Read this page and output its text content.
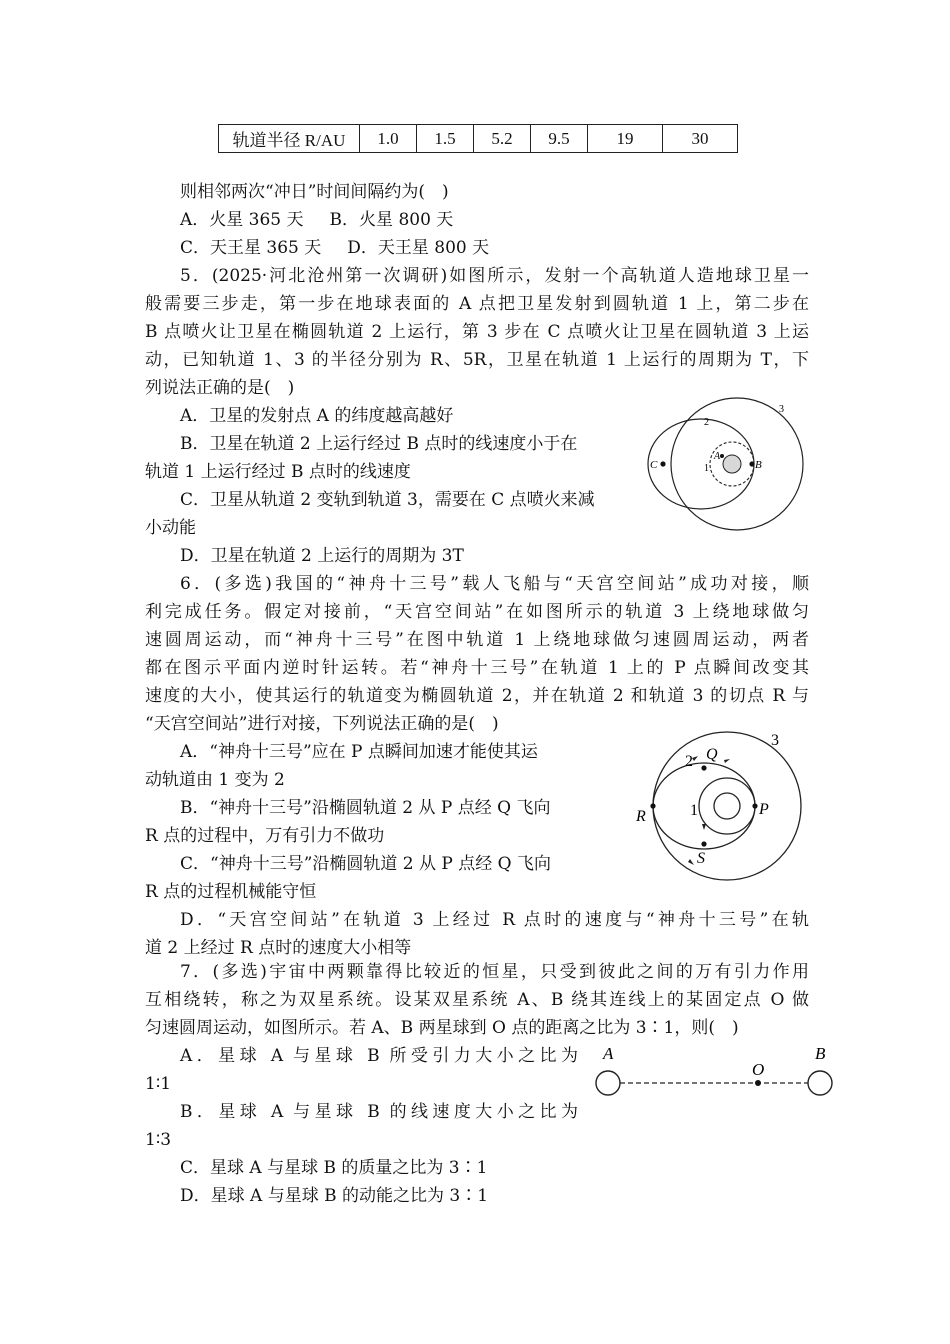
轨道半径 R/AU	1.0	1.5	5.2	9.5	19	30
则相邻两次“冲日”时间间隔约为(　)
A．火星 365 天 B．火星 800 天
C．天王星 365 天 D．天王星 800 天
5．(2025·河北沧州第一次调研)如图所示，发射一个高轨道人造地球卫星一
般需要三步走，第一步在地球表面的 A 点把卫星发射到圆轨道 1 上，第二步在
B 点喷火让卫星在椭圆轨道 2 上运行，第 3 步在 C 点喷火让卫星在圆轨道 3 上运
动，已知轨道 1、3 的半径分别为 R、5R，卫星在轨道 1 上运行的周期为 T，下
列说法正确的是(　)
A．卫星的发射点 A 的纬度越高越好
B．卫星在轨道 2 上运行经过 B 点时的线速度小于在
轨道 1 上运行经过 B 点时的线速度
C．卫星从轨道 2 变轨到轨道 3，需要在 C 点喷火来减
小动能
D．卫星在轨道 2 上运行的周期为 3T
C	B
A
1
2
3
6．(多选)我国的“神舟十三号”载人飞船与“天宫空间站”成功对接，顺
利完成任务。假定对接前，“天宫空间站”在如图所示的轨道 3 上绕地球做匀
速圆周运动，而“神舟十三号”在图中轨道 1 上绕地球做匀速圆周运动，两者
都在图示平面内逆时针运转。若“神舟十三号”在轨道 1 上的 P 点瞬间改变其
速度的大小，使其运行的轨道变为椭圆轨道 2，并在轨道 2 和轨道 3 的切点 R 与
“天宫空间站”进行对接，下列说法正确的是(　)
A．“神舟十三号”应在 P 点瞬间加速才能使其运
动轨道由 1 变为 2
B．“神舟十三号”沿椭圆轨道 2 从 P 点经 Q 飞向
R 点的过程中，万有引力不做功
C．“神舟十三号”沿椭圆轨道 2 从 P 点经 Q 飞向
R 点的过程机械能守恒
D．“天宫空间站”在轨道 3 上经过 R 点时的速度与“神舟十三号”在轨
道 2 上经过 R 点时的速度大小相等
Q
2
3
1	P
R
S
7．(多选)宇宙中两颗靠得比较近的恒星，只受到彼此之间的万有引力作用
互相绕转，称之为双星系统。设某双星系统 A、B 绕其连线上的某固定点 O 做
匀速圆周运动，如图所示。若 A、B 两星球到 O 点的距离之比为 3∶1，则(　)
A．星球 A 与星球 B 所受引力大小之比为
1∶1
B．星球 A 与星球 B 的线速度大小之比为
1∶3
C．星球 A 与星球 B 的质量之比为 3∶1
D．星球 A 与星球 B 的动能之比为 3∶1
A
O
B
